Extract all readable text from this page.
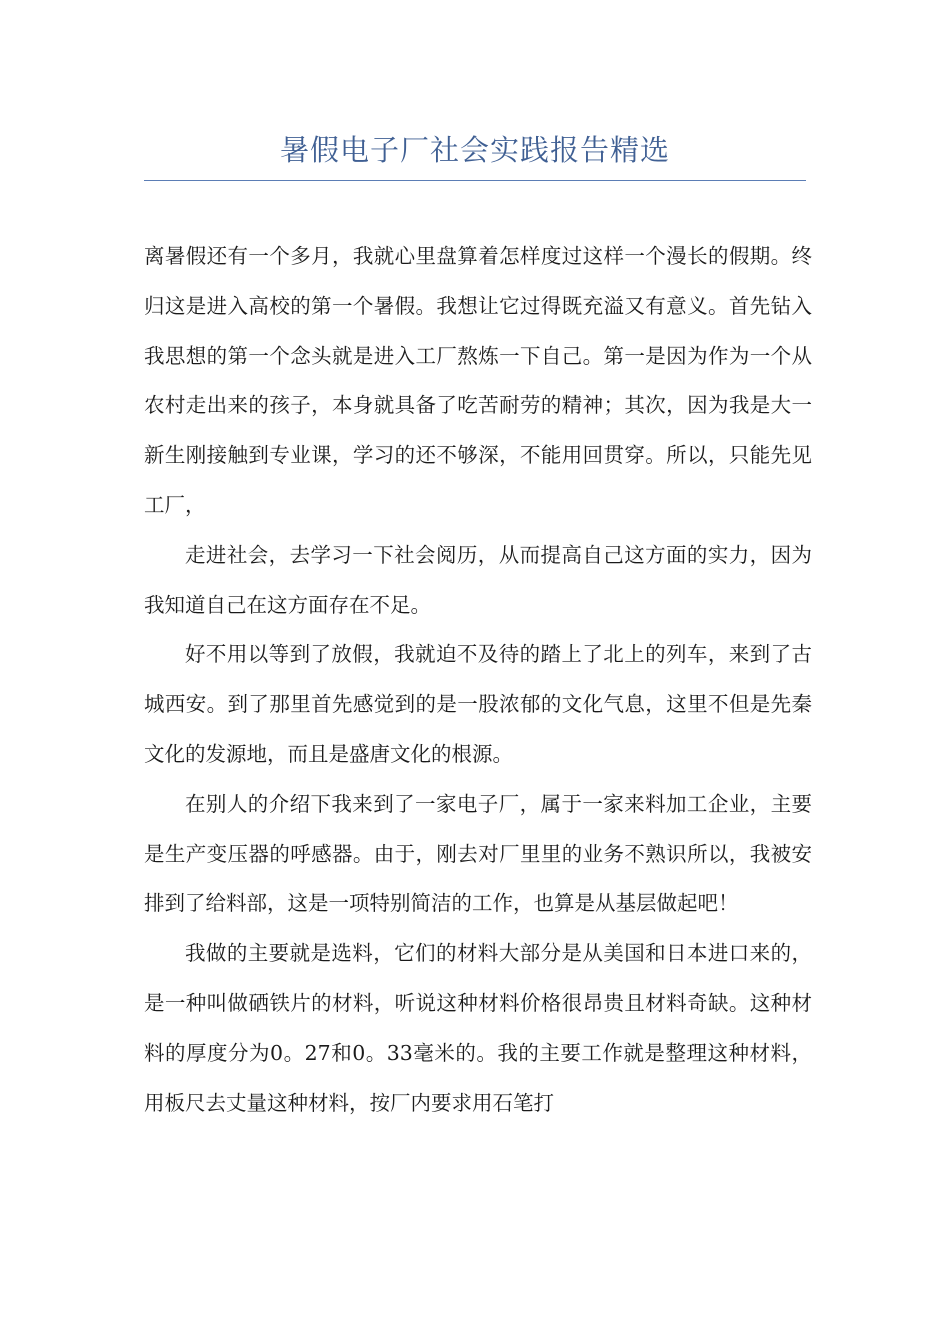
暑假电子厂社会实践报告精选

离暑假还有一个多月，我就心里盘算着怎样度过这样一个漫长的假期。终归这是进入高校的第一个暑假。我想让它过得既充溢又有意义。首先钻入我思想的第一个念头就是进入工厂熬炼一下自己。第一是因为作为一个从农村走出来的孩子，本身就具备了吃苦耐劳的精神；其次，因为我是大一新生刚接触到专业课，学习的还不够深，不能用回贯穿。所以，只能先见工厂，

走进社会，去学习一下社会阅历，从而提高自己这方面的实力，因为我知道自己在这方面存在不足。

好不用以等到了放假，我就迫不及待的踏上了北上的列车，来到了古城西安。到了那里首先感觉到的是一股浓郁的文化气息，这里不但是先秦文化的发源地，而且是盛唐文化的根源。

在别人的介绍下我来到了一家电子厂，属于一家来料加工企业，主要是生产变压器的呼感器。由于，刚去对厂里里的业务不熟识所以，我被安排到了给料部，这是一项特别简洁的工作，也算是从基层做起吧！

我做的主要就是选料，它们的材料大部分是从美国和日本进口来的，是一种叫做硒铁片的材料，听说这种材料价格很昂贵且材料奇缺。这种材料的厚度分为0。27和0。33毫米的。我的主要工作就是整理这种材料，用板尺去丈量这种材料，按厂内要求用石笔打
